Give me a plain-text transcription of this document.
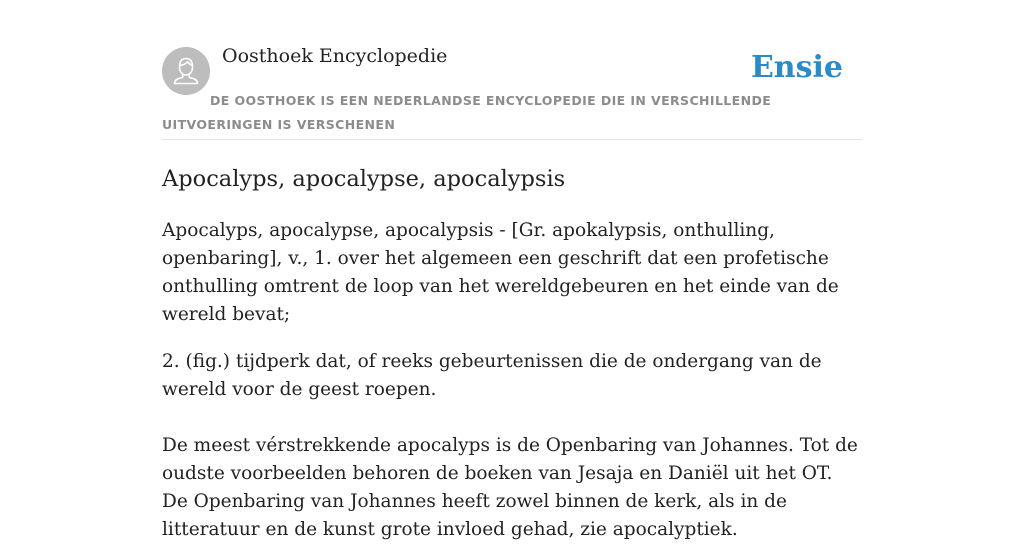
Oosthoek Encyclopedie	Ensie
DE OOSTHOEK IS EEN NEDERLANDSE ENCYCLOPEDIE DIE IN VERSCHILLENDE UITVOERINGEN IS VERSCHENEN
Apocalyps, apocalypse, apocalypsis

Apocalyps, apocalypse, apocalypsis - [Gr. apokalypsis, onthulling, openbaring], v., 1. over het algemeen een geschrift dat een profetische onthulling omtrent de loop van het wereldgebeuren en het einde van de wereld bevat;

2. (fig.) tijdperk dat, of reeks gebeurtenissen die de ondergang van de wereld voor de geest roepen.

De meest vérstrekkende apocalyps is de Openbaring van Johannes. Tot de oudste voorbeelden behoren de boeken van Jesaja en Daniël uit het OT. De Openbaring van Johannes heeft zowel binnen de kerk, als in de litteratuur en de kunst grote invloed gehad, zie apocalyptiek.
